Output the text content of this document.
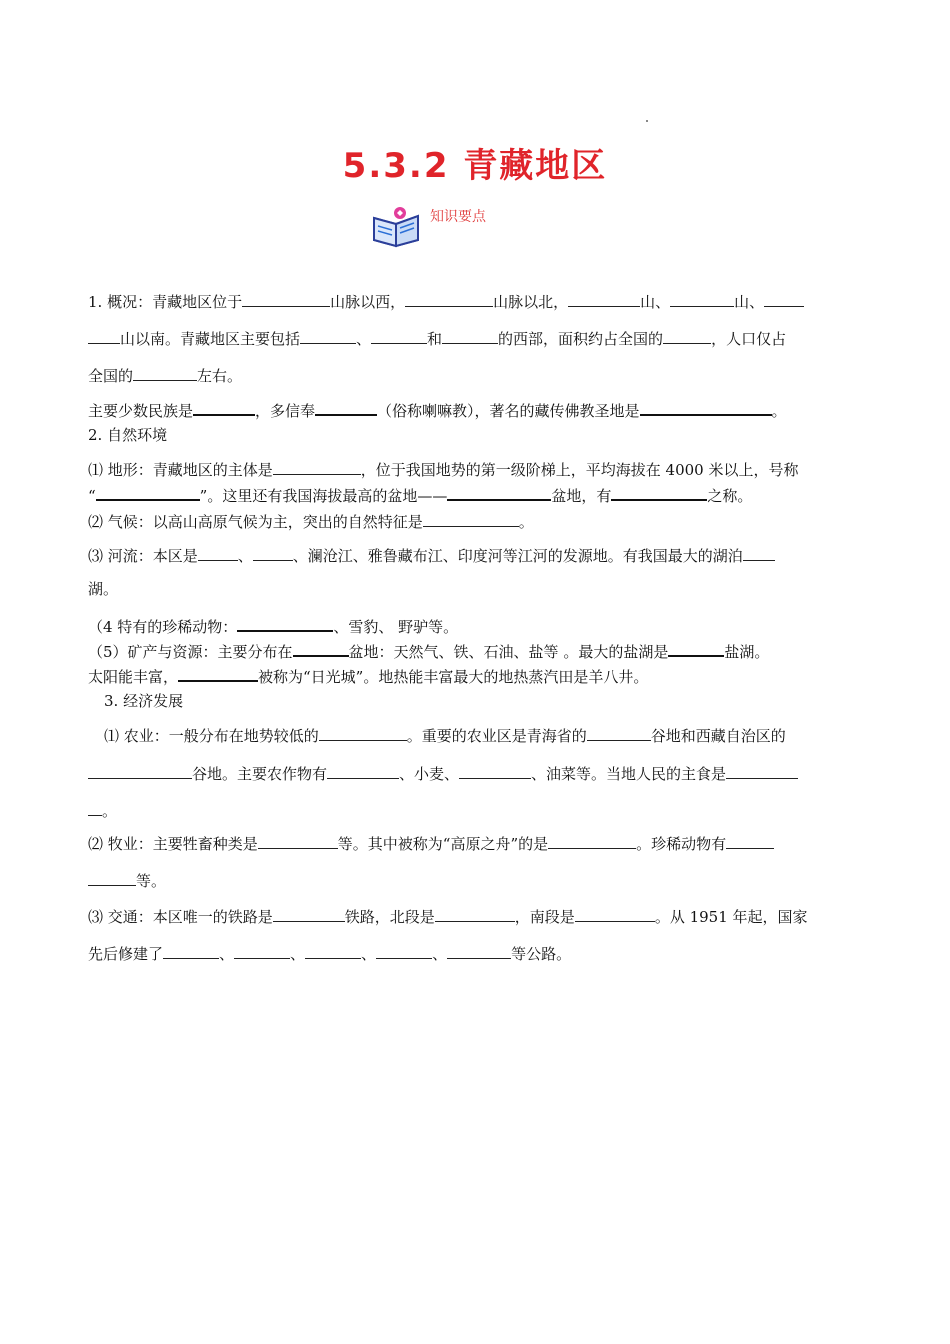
5.3.2 青藏地区
知识要点
1. 概况：青藏地区位于	山脉以西，	山脉以北，	山、	山、
山以南。青藏地区主要包括	、	和	的西部，面积约占全国的	，人口仅占
全国的	左右。
主要少数民族是	，多信奉	（俗称喇嘛教），著名的藏传佛教圣地是	。
2. 自然环境
⑴ 地形：青藏地区的主体是	，位于我国地势的第一级阶梯上，平均海拔在 4000 米以上，号称
“	”。这里还有我国海拔最高的盆地——	盆地，有	之称。
⑵ 气候：以高山高原气候为主，突出的自然特征是	。
⑶ 河流：本区是	、	、澜沧江、雅鲁藏布江、印度河等江河的发源地。有我国最大的湖泊
湖。
（4 特有的珍稀动物：	、雪豹、 野驴等。
（5）矿产与资源：主要分布在	盆地：天然气、铁、石油、盐等 。最大的盐湖是	盐湖。
太阳能丰富，	被称为“日光城”。地热能丰富最大的地热蒸汽田是羊八井。
3. 经济发展
⑴ 农业：一般分布在地势较低的	。重要的农业区是青海省的	谷地和西藏自治区的
谷地。主要农作物有	、小麦、	、油菜等。当地人民的主食是
。
⑵ 牧业：主要牲畜种类是	等。其中被称为“高原之舟”的是	。珍稀动物有
等。
⑶ 交通：本区唯一的铁路是	铁路，北段是	，南段是	。从 1951 年起，国家
先后修建了	、	、	、	、	等公路。
